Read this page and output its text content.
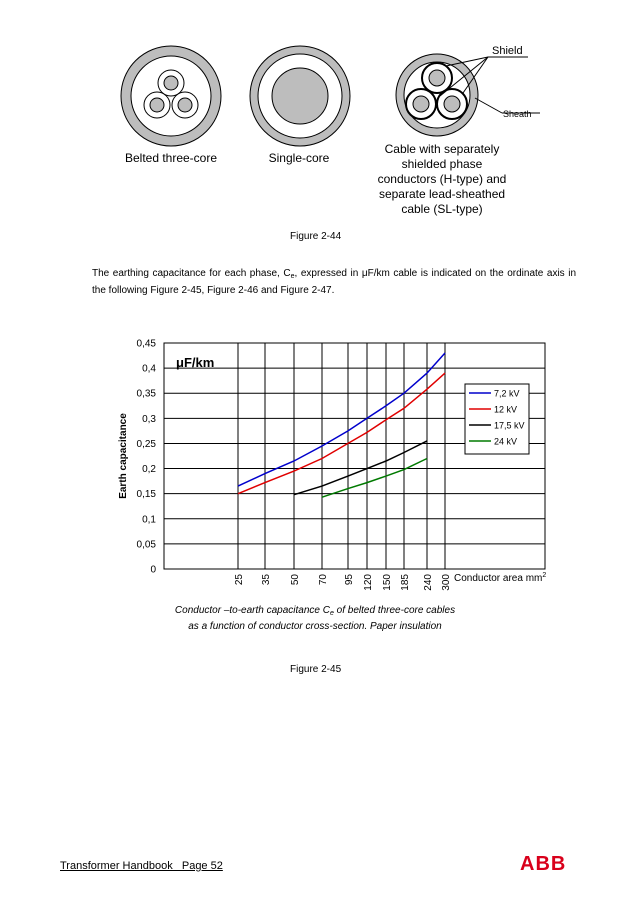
Shield
Sheath
Belted three-core	Single-core
Cable with separately
shielded phase
conductors (H-type) and
separate lead-sheathed
cable (SL-type)
Figure 2-44
The earthing capacitance for each phase, $C_e$, expressed in μF/km cable is indicated on the ordinate axis in the following Figure 2-45, Figure 2-46 and Figure 2-47.
0
0,05
0,1
0,15
0,2
0,25
0,3
0,35
0,4
0,45
25 35 50 70 95 120 150 185 240 300
μF/km
Earth capacitance
Conductor area $mm^2$
7,2 kV
12 kV
17,5 kV
24 kV
Conductor –to-earth capacitance $C_e$ of belted three-core cables
as a function of conductor cross-section. Paper insulation
Figure 2-45
Transformer Handbook   Page 52	ABB
